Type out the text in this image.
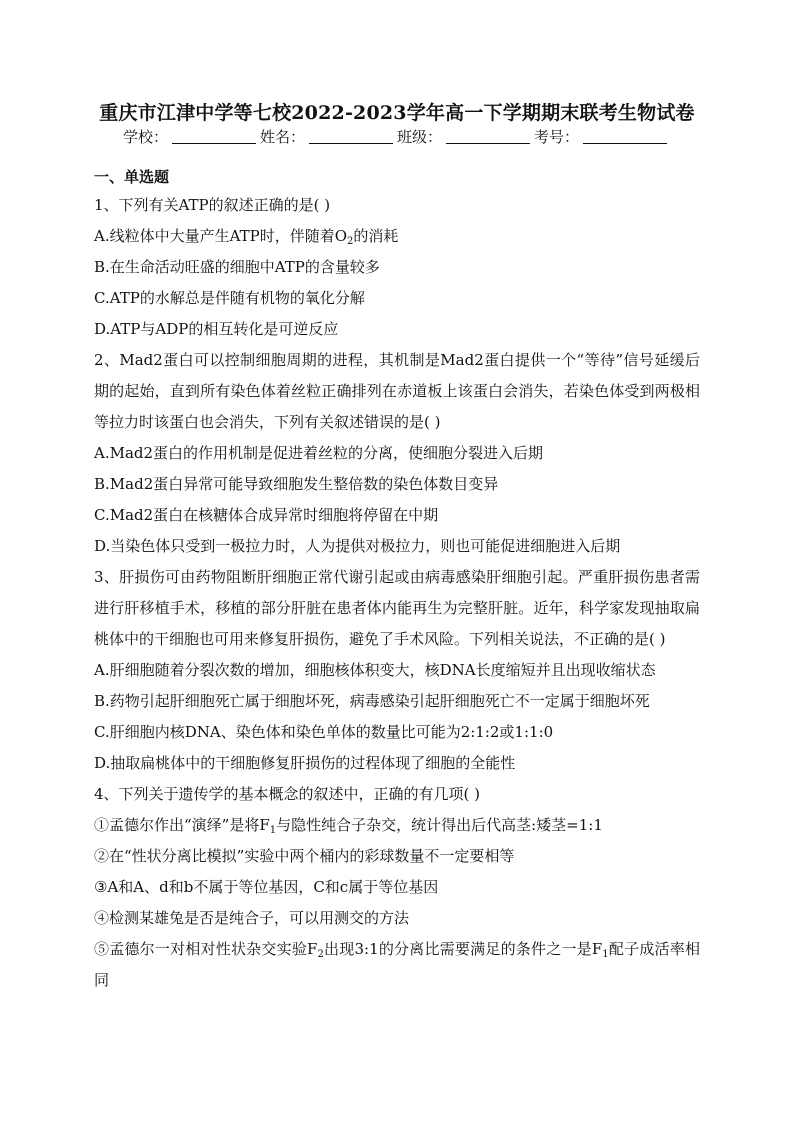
重庆市江津中学等七校2022-2023学年高一下学期期末联考生物试卷
学校：	姓名：	班级：	考号：
一、单选题
1、下列有关ATP的叙述正确的是( )
A.线粒体中大量产生ATP时，伴随着$O_2$的消耗
B.在生命活动旺盛的细胞中ATP的含量较多
C.ATP的水解总是伴随有机物的氧化分解
D.ATP与ADP的相互转化是可逆反应
2、Mad2蛋白可以控制细胞周期的进程，其机制是Mad2蛋白提供一个“等待”信号延缓后期的起始，直到所有染色体着丝粒正确排列在赤道板上该蛋白会消失，若染色体受到两极相等拉力时该蛋白也会消失，下列有关叙述错误的是( )
A.Mad2蛋白的作用机制是促进着丝粒的分离，使细胞分裂进入后期
B.Mad2蛋白异常可能导致细胞发生整倍数的染色体数目变异
C.Mad2蛋白在核糖体合成异常时细胞将停留在中期
D.当染色体只受到一极拉力时，人为提供对极拉力，则也可能促进细胞进入后期
3、肝损伤可由药物阻断肝细胞正常代谢引起或由病毒感染肝细胞引起。严重肝损伤患者需进行肝移植手术，移植的部分肝脏在患者体内能再生为完整肝脏。近年，科学家发现抽取扁桃体中的干细胞也可用来修复肝损伤，避免了手术风险。下列相关说法，不正确的是( )
A.肝细胞随着分裂次数的增加，细胞核体积变大，核DNA长度缩短并且出现收缩状态
B.药物引起肝细胞死亡属于细胞坏死，病毒感染引起肝细胞死亡不一定属于细胞坏死
C.肝细胞内核DNA、染色体和染色单体的数量比可能为2:1:2或1:1:0
D.抽取扁桃体中的干细胞修复肝损伤的过程体现了细胞的全能性
4、下列关于遗传学的基本概念的叙述中，正确的有几项( )
①孟德尔作出“演绎”是将$F_1$与隐性纯合子杂交，统计得出后代高茎:矮茎=1:1
②在“性状分离比模拟”实验中两个桶内的彩球数量不一定要相等
③A和A、d和b不属于等位基因，C和c属于等位基因
④检测某雄兔是否是纯合子，可以用测交的方法
⑤孟德尔一对相对性状杂交实验$F_2$出现3:1的分离比需要满足的条件之一是$F_1$配子成活率相同
